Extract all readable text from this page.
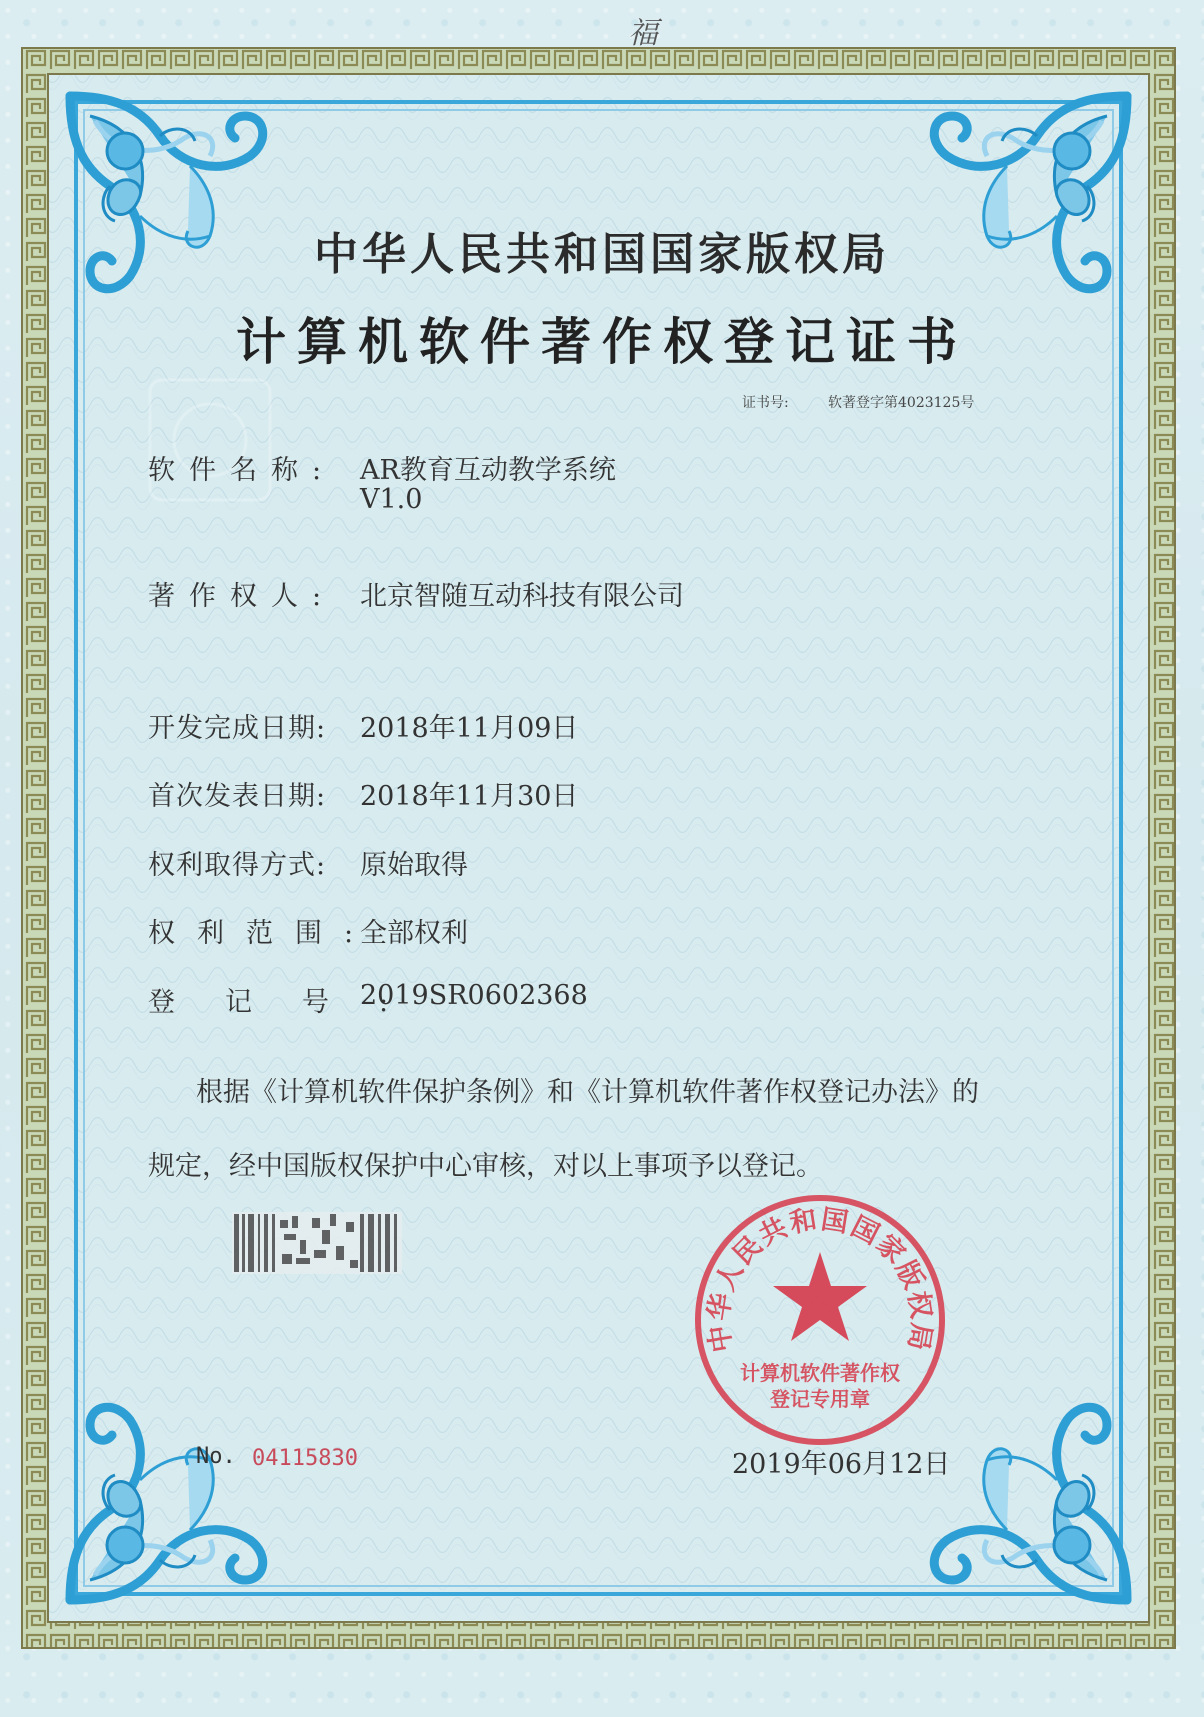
福
中华人民共和国国家版权局
计算机软件著作权登记证书
证书号:	软著登字第4023125号
软件名称: AR教育互动教学系统
V1.0
著作权人: 北京智随互动科技有限公司
开发完成日期: 2018年11月09日
首次发表日期: 2018年11月30日
权利取得方式: 原始取得
权利范围:
全部权利
登记号:
2019SR0602368
根据《计算机软件保护条例》和《计算机软件著作权登记办法》的
规定，经中国版权保护中心审核，对以上事项予以登记。
No. 04115830	2019年06月12日
中华人民共和国国家版权局
计算机软件著作权
登记专用章
